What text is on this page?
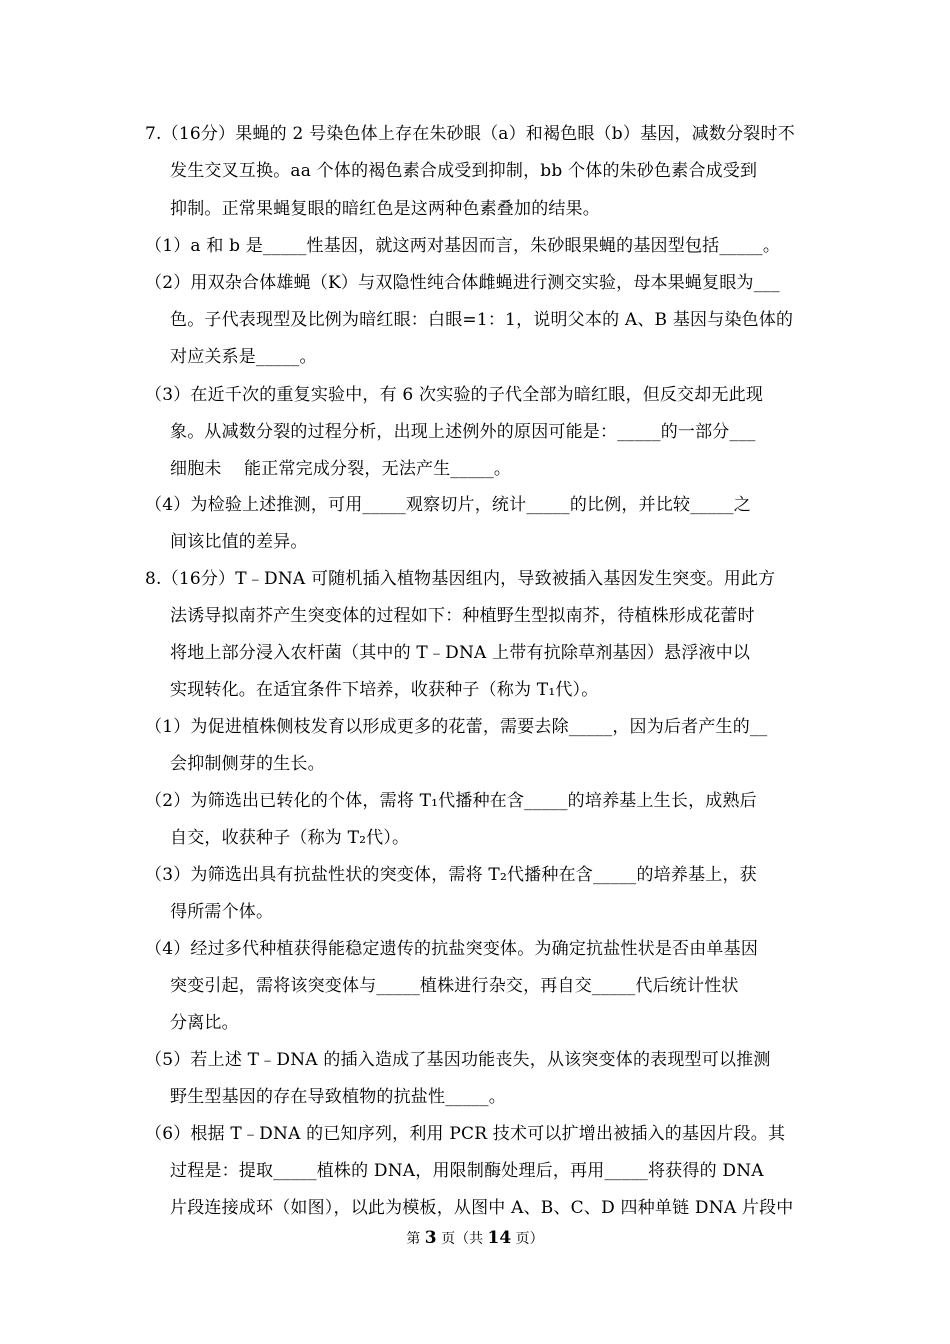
7.（16分）果蝇的 2 号染色体上存在朱砂眼（a）和褐色眼（b）基因，减数分裂时不
发生交叉互换。aa 个体的褐色素合成受到抑制，bb 个体的朱砂色素合成受到
抑制。正常果蝇复眼的暗红色是这两种色素叠加的结果。
（1）a 和 b 是_____性基因，就这两对基因而言，朱砂眼果蝇的基因型包括_____。
（2）用双杂合体雄蝇（K）与双隐性纯合体雌蝇进行测交实验，母本果蝇复眼为___
色。子代表现型及比例为暗红眼：白眼=1：1，说明父本的 A、B 基因与染色体的
对应关系是_____。
（3）在近千次的重复实验中，有 6 次实验的子代全部为暗红眼，但反交却无此现
象。从减数分裂的过程分析，出现上述例外的原因可能是：_____的一部分___
细胞未    能正常完成分裂，无法产生_____。
（4）为检验上述推测，可用_____观察切片，统计_____的比例，并比较_____之
间该比值的差异。
8.（16分）T﹣DNA 可随机插入植物基因组内，导致被插入基因发生突变。用此方
法诱导拟南芥产生突变体的过程如下：种植野生型拟南芥，待植株形成花蕾时
将地上部分浸入农杆菌（其中的 T﹣DNA 上带有抗除草剂基因）悬浮液中以
实现转化。在适宜条件下培养，收获种子（称为 T₁代）。
（1）为促进植株侧枝发育以形成更多的花蕾，需要去除_____，因为后者产生的__
会抑制侧芽的生长。
（2）为筛选出已转化的个体，需将 T₁代播种在含_____的培养基上生长，成熟后
自交，收获种子（称为 T₂代）。
（3）为筛选出具有抗盐性状的突变体，需将 T₂代播种在含_____的培养基上，获
得所需个体。
（4）经过多代种植获得能稳定遗传的抗盐突变体。为确定抗盐性状是否由单基因
突变引起，需将该突变体与_____植株进行杂交，再自交_____代后统计性状
分离比。
（5）若上述 T﹣DNA 的插入造成了基因功能丧失，从该突变体的表现型可以推测
野生型基因的存在导致植物的抗盐性_____。
（6）根据 T﹣DNA 的已知序列，利用 PCR 技术可以扩增出被插入的基因片段。其
过程是：提取_____植株的 DNA，用限制酶处理后，再用_____将获得的 DNA
片段连接成环（如图），以此为模板，从图中 A、B、C、D 四种单链 DNA 片段中
第 3 页（共 14 页）
